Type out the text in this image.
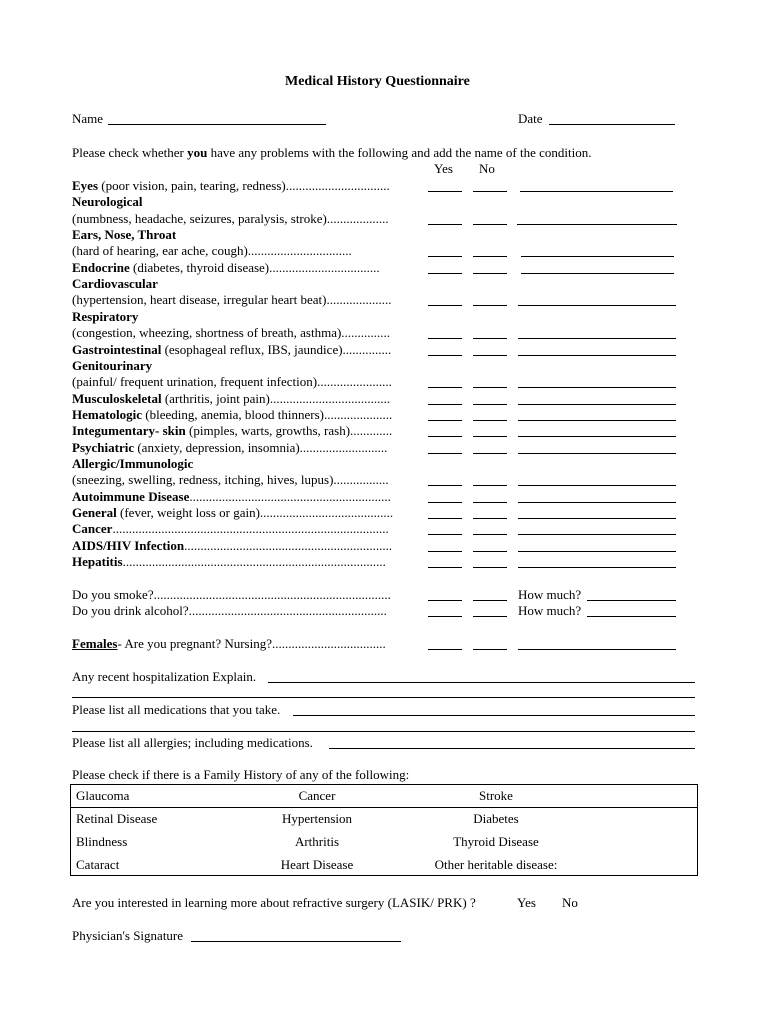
Medical History Questionnaire
Name	Date
Please check whether you have any problems with the following and add the name of the condition.
Yes No
Eyes (poor vision, pain, tearing, redness)................................
Neurological
(numbness, headache, seizures, paralysis, stroke)...................
Ears, Nose, Throat
(hard of hearing, ear ache, cough)................................
Endocrine (diabetes, thyroid disease)..................................
Cardiovascular
(hypertension, heart disease, irregular heart beat)....................
Respiratory
(congestion, wheezing, shortness of breath, asthma)...............
Gastrointestinal (esophageal reflux, IBS, jaundice)...............
Genitourinary
(painful/ frequent urination, frequent infection).......................
Musculoskeletal (arthritis, joint pain).....................................
Hematologic (bleeding, anemia, blood thinners).....................
Integumentary- skin (pimples, warts, growths, rash).............
Psychiatric (anxiety, depression, insomnia)...........................
Allergic/Immunologic
(sneezing, swelling, redness, itching, hives, lupus).................
Autoimmune Disease..............................................................
General (fever, weight loss or gain).........................................
Cancer.....................................................................................
AIDS/HIV Infection................................................................
Hepatitis.................................................................................
Do you smoke?.........................................................................	How much?
Do you drink alcohol?.............................................................	How much?
Females- Are you pregnant? Nursing?...................................
Any recent hospitalization Explain.
Please list all medications that you take.
Please list all allergies; including medications.
Please check if there is a Family History of any of the following:
Glaucoma	Cancer	Stroke
Retinal Disease	Hypertension	Diabetes
Blindness	Arthritis	Thyroid Disease
Cataract	Heart Disease	Other heritable disease:
Are you interested in learning more about refractive surgery (LASIK/ PRK) ?	Yes No
Physician's Signature
